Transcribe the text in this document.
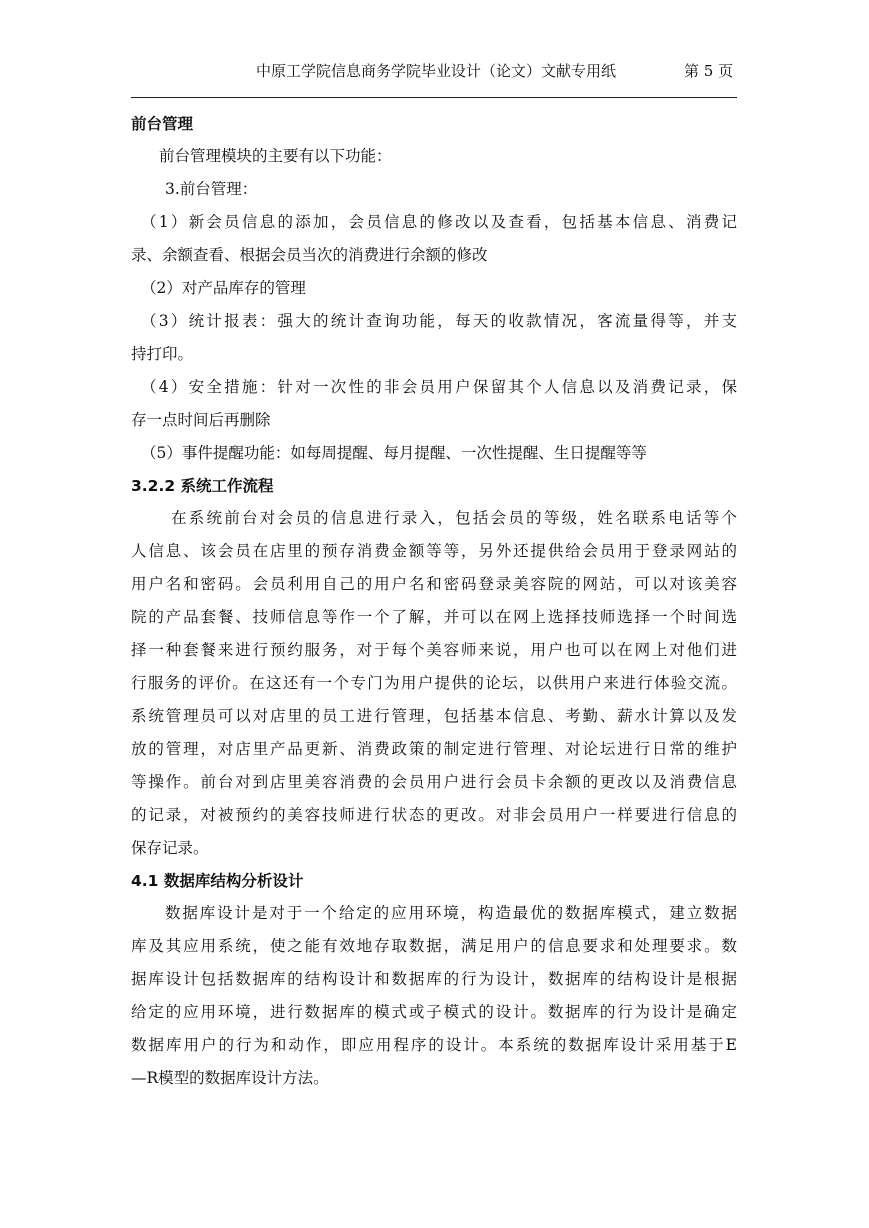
中原工学院信息商务学院毕业设计（论文）文献专用纸	第 5 页
前台管理
前台管理模块的主要有以下功能：
3.前台管理：
（1）新会员信息的添加，会员信息的修改以及查看，包括基本信息、消费记
录、余额查看、根据会员当次的消费进行余额的修改
（2）对产品库存的管理
（3）统计报表：强大的统计查询功能，每天的收款情况，客流量得等，并支
持打印。
（4）安全措施：针对一次性的非会员用户保留其个人信息以及消费记录，保
存一点时间后再删除
（5）事件提醒功能：如每周提醒、每月提醒、一次性提醒、生日提醒等等
3.2.2 系统工作流程
在系统前台对会员的信息进行录入，包括会员的等级，姓名联系电话等个
人信息、该会员在店里的预存消费金额等等，另外还提供给会员用于登录网站的
用户名和密码。会员利用自己的用户名和密码登录美容院的网站，可以对该美容
院的产品套餐、技师信息等作一个了解，并可以在网上选择技师选择一个时间选
择一种套餐来进行预约服务，对于每个美容师来说，用户也可以在网上对他们进
行服务的评价。在这还有一个专门为用户提供的论坛，以供用户来进行体验交流。
系统管理员可以对店里的员工进行管理，包括基本信息、考勤、薪水计算以及发
放的管理，对店里产品更新、消费政策的制定进行管理、对论坛进行日常的维护
等操作。前台对到店里美容消费的会员用户进行会员卡余额的更改以及消费信息
的记录，对被预约的美容技师进行状态的更改。对非会员用户一样要进行信息的
保存记录。
4.1 数据库结构分析设计
数据库设计是对于一个给定的应用环境，构造最优的数据库模式，建立数据
库及其应用系统，使之能有效地存取数据，满足用户的信息要求和处理要求。数
据库设计包括数据库的结构设计和数据库的行为设计，数据库的结构设计是根据
给定的应用环境，进行数据库的模式或子模式的设计。数据库的行为设计是确定
数据库用户的行为和动作，即应用程序的设计。本系统的数据库设计采用基于E
—R模型的数据库设计方法。
